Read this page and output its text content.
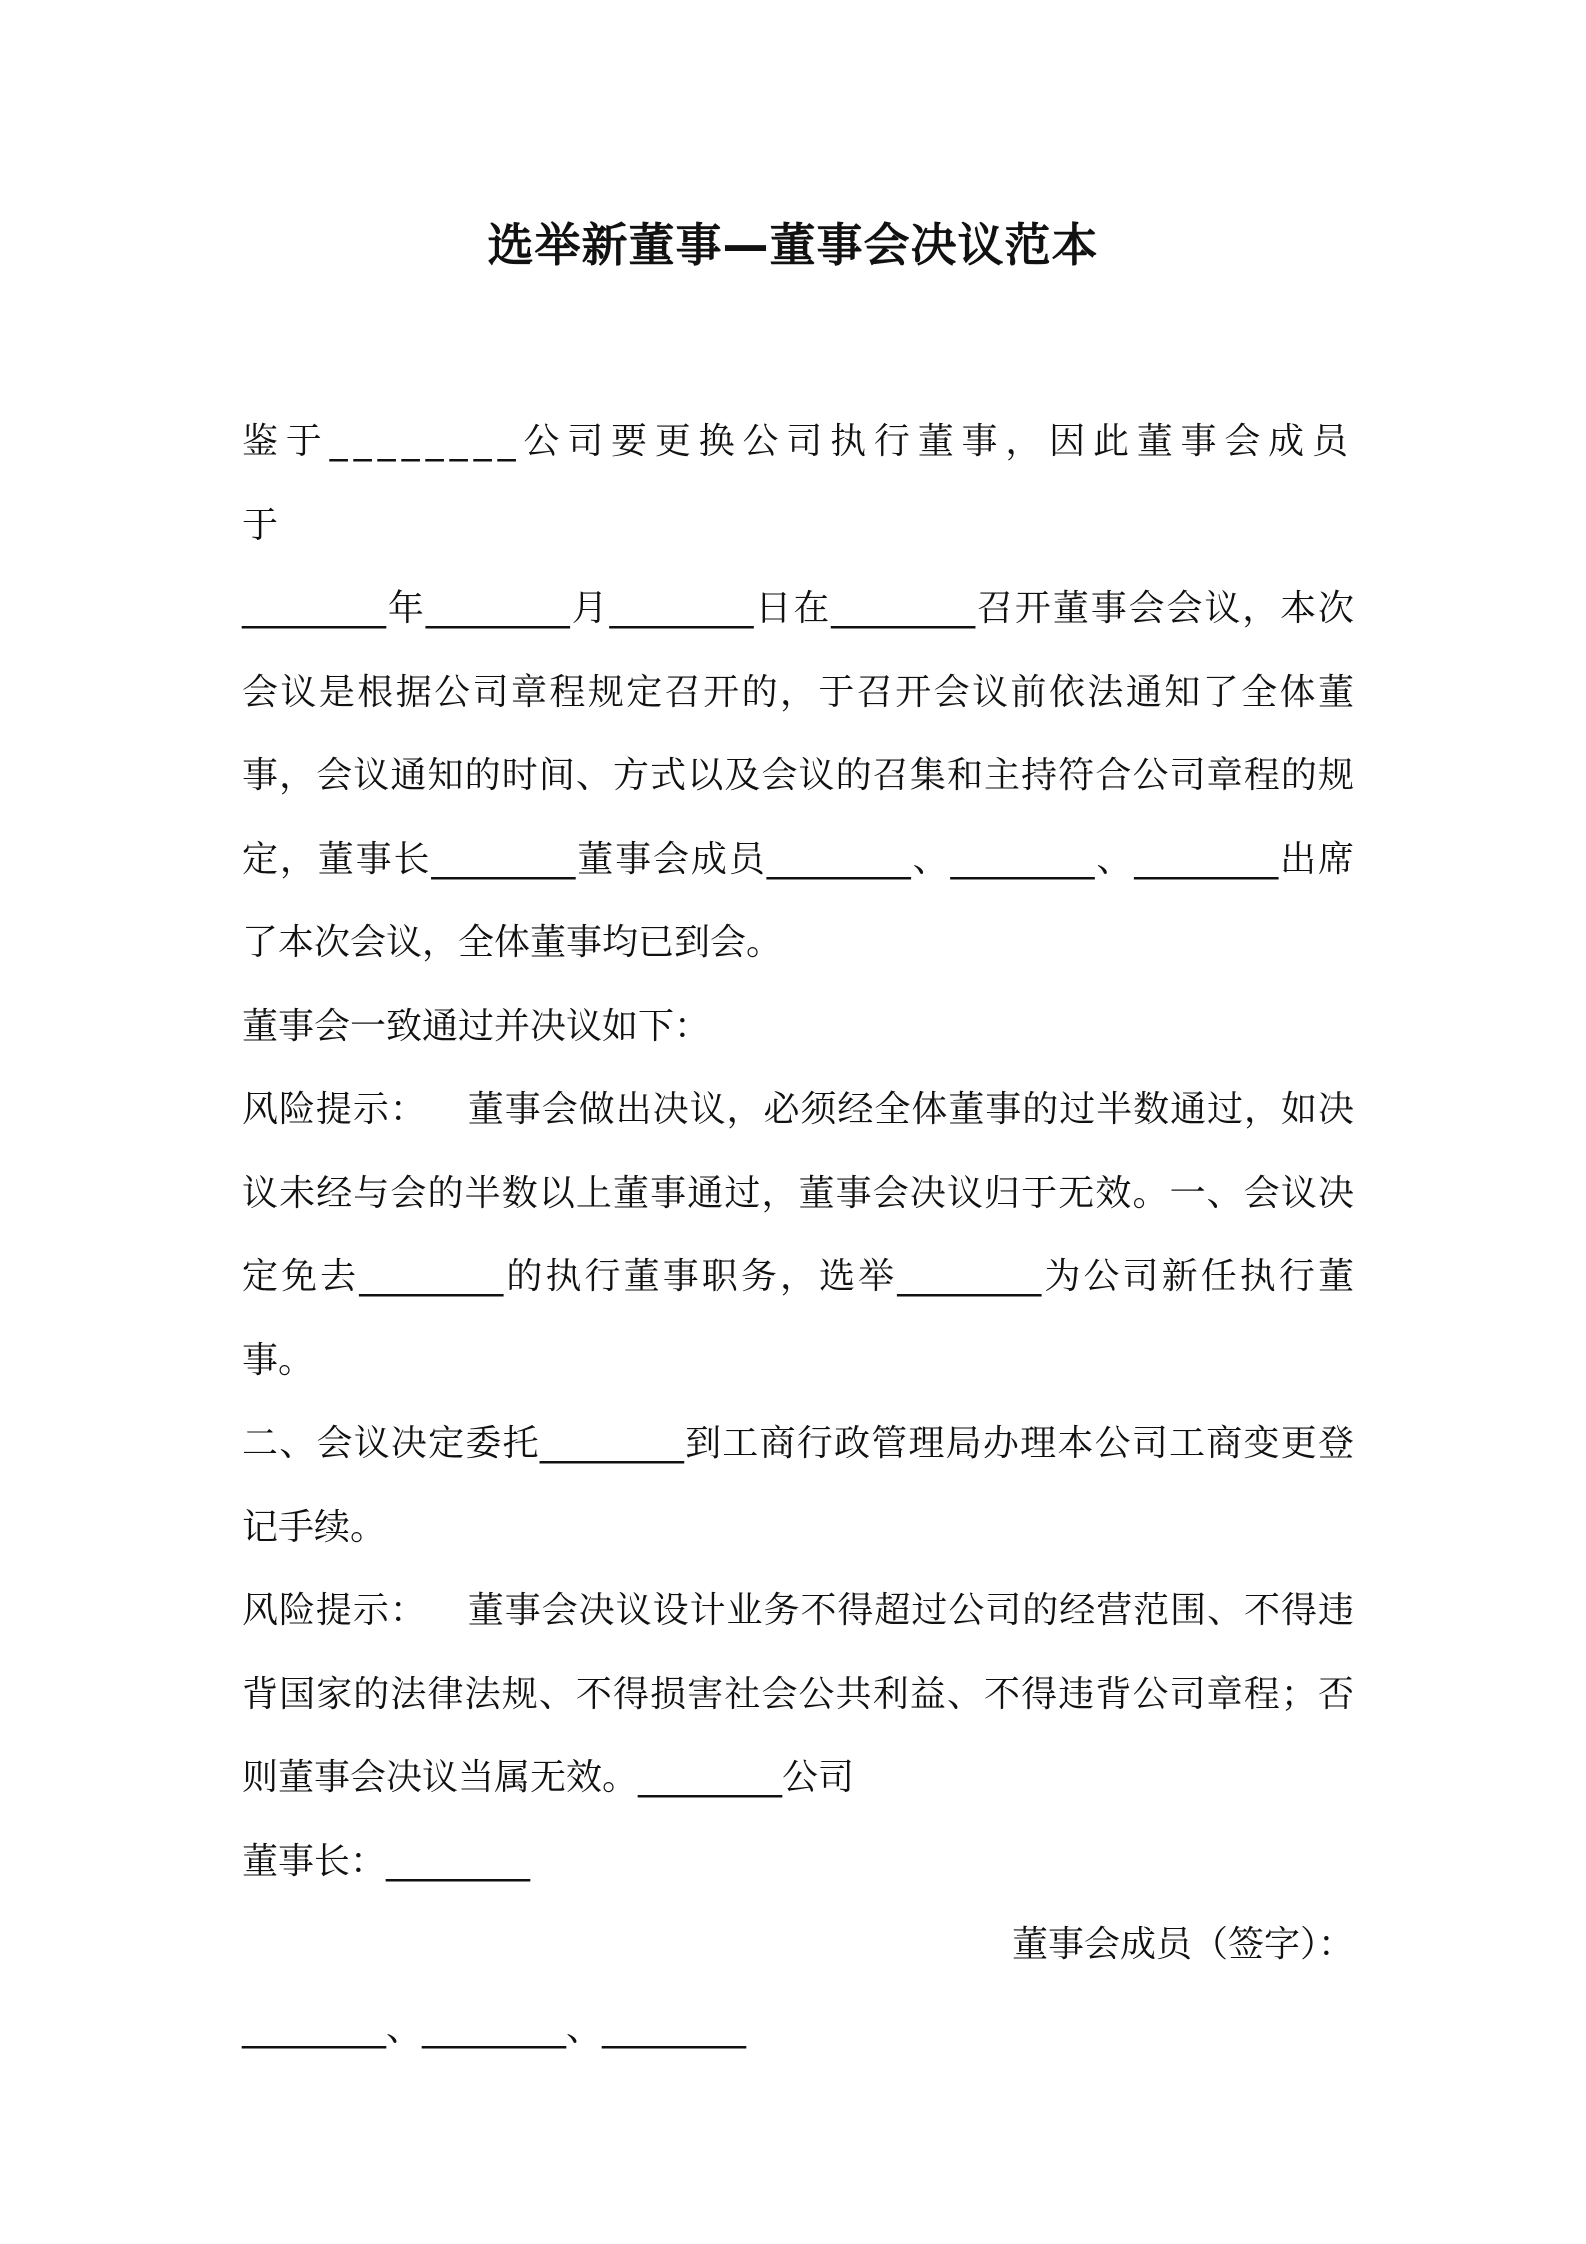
选举新董事—董事会决议范本

鉴于________公司要更换公司执行董事，因此董事会成员于

________年________月________日在________召开董事会会议，本次会议是根据公司章程规定召开的，于召开会议前依法通知了全体董事，会议通知的时间、方式以及会议的召集和主持符合公司章程的规定，董事长________董事会成员________、________、________出席了本次会议，全体董事均已到会。

董事会一致通过并决议如下：

风险提示： 董事会做出决议，必须经全体董事的过半数通过，如决议未经与会的半数以上董事通过，董事会决议归于无效。一、会议决定免去________的执行董事职务，选举________为公司新任执行董事。

二、会议决定委托________到工商行政管理局办理本公司工商变更登记手续。

风险提示： 董事会决议设计业务不得超过公司的经营范围、不得违背国家的法律法规、不得损害社会公共利益、不得违背公司章程；否则董事会决议当属无效。________公司

董事长：________

董事会成员（签字）：

________、________、________
